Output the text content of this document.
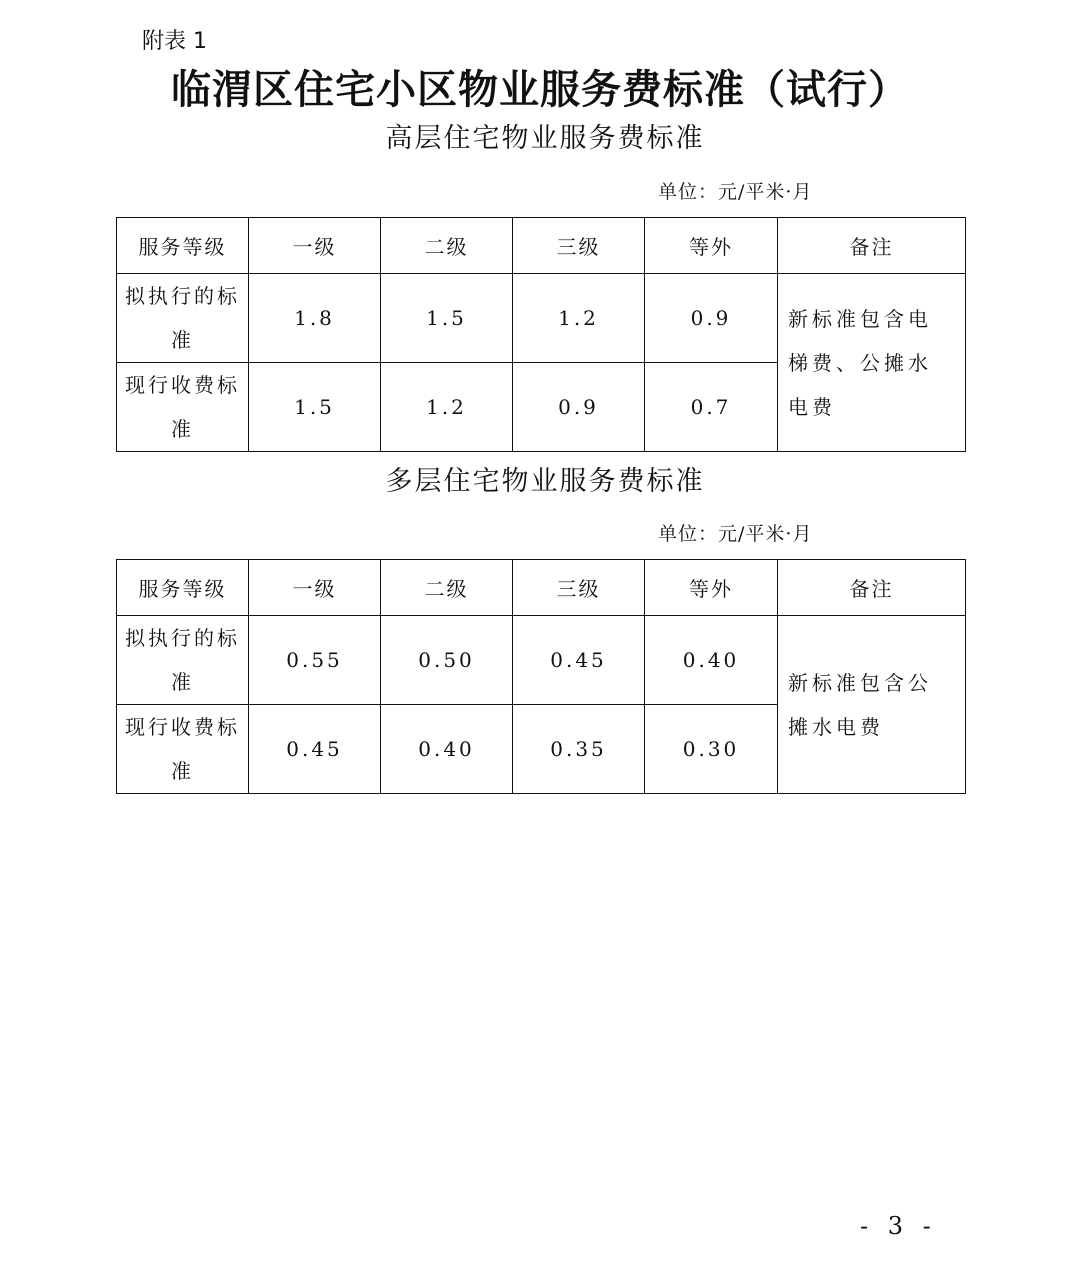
附表 1
临渭区住宅小区物业服务费标准（试行）
高层住宅物业服务费标准
单位：元/平米·月
服务等级	一级	二级	三级	等外	备注
拟执行的标准	1.8	1.5	1.2	0.9	新标准包含电梯费、公摊水电费
现行收费标准	1.5	1.2	0.9	0.7	
多层住宅物业服务费标准
单位：元/平米·月
服务等级	一级	二级	三级	等外	备注
拟执行的标准	0.55	0.50	0.45	0.40	新标准包含公摊水电费
现行收费标准	0.45	0.40	0.35	0.30	
- 3 -
